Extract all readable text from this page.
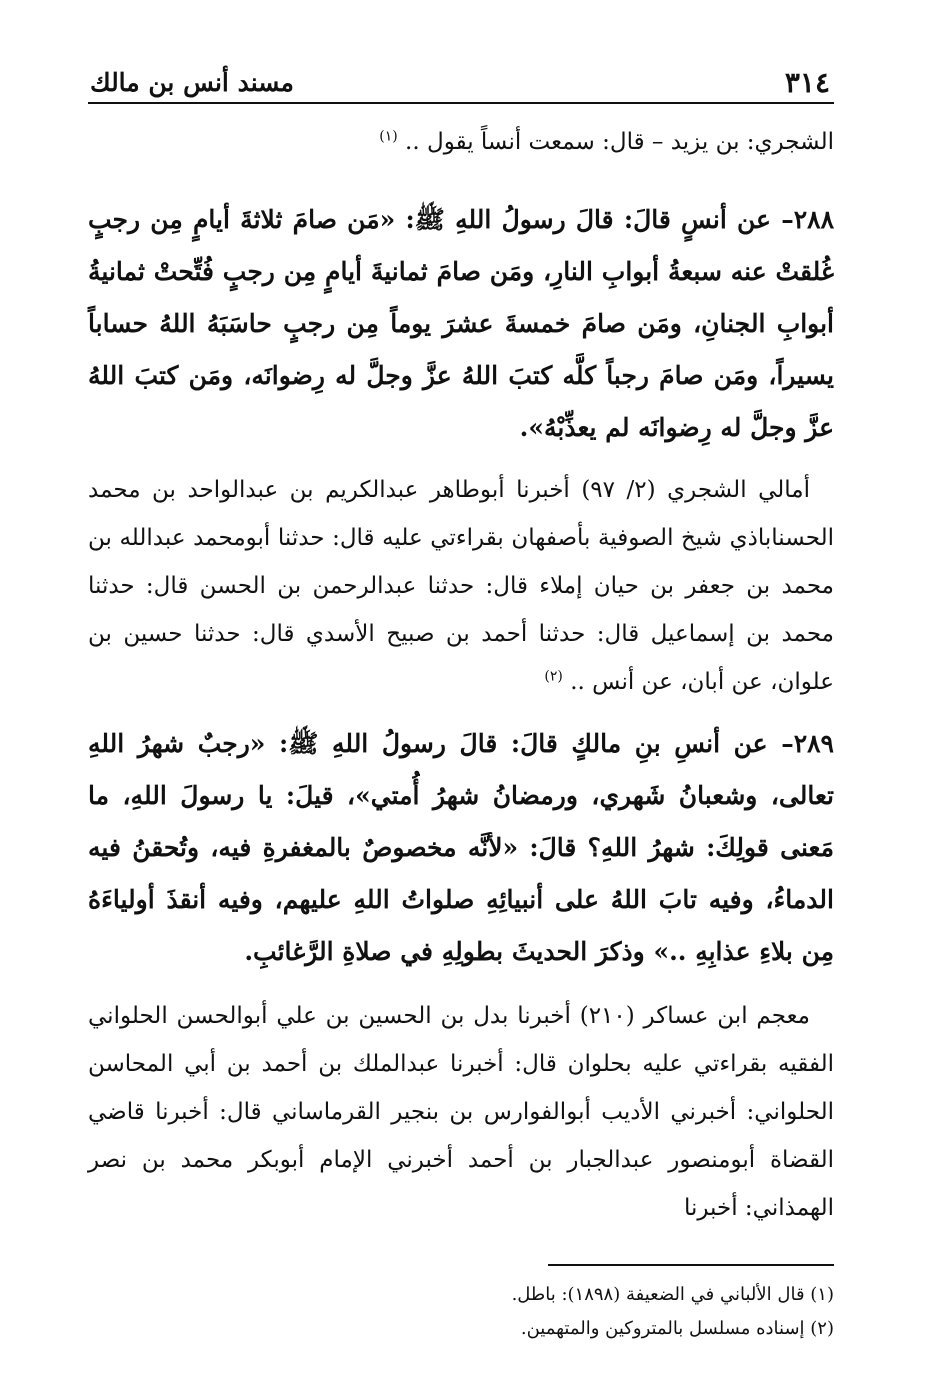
٣١٤
مسند أنس بن مالك

الشجري: بن يزيد – قال: سمعت أنساً يقول .. $^{(١)}$

٢٨٨– عن أنسٍ قالَ: قالَ رسولُ اللهِ ﷺ: «مَن صامَ ثلاثةَ أيامٍ مِن رجبٍ غُلقتْ عنه سبعةُ أبوابِ النارِ، ومَن صامَ ثمانيةَ أيامٍ مِن رجبٍ فُتِّحتْ ثمانيةُ أبوابِ الجنانِ، ومَن صامَ خمسةَ عشرَ يوماً مِن رجبٍ حاسَبَهُ اللهُ حساباً يسيراً، ومَن صامَ رجباً كلَّه كتبَ اللهُ عزَّ وجلَّ له رِضوانَه، ومَن كتبَ اللهُ عزَّ وجلَّ له رِضوانَه لم يعذِّبْهُ».

أمالي الشجري (٢/ ٩٧) أخبرنا أبوطاهر عبدالكريم بن عبدالواحد بن محمد الحسناباذي شيخ الصوفية بأصفهان بقراءتي عليه قال: حدثنا أبومحمد عبدالله بن محمد بن جعفر بن حيان إملاء قال: حدثنا عبدالرحمن بن الحسن قال: حدثنا محمد بن إسماعيل قال: حدثنا أحمد بن صبيح الأسدي قال: حدثنا حسين بن علوان، عن أبان، عن أنس .. $^{(٢)}$

٢٨٩– عن أنسِ بنِ مالكٍ قالَ: قالَ رسولُ اللهِ ﷺ: «رجبٌ شهرُ اللهِ تعالى، وشعبانُ شَهري، ورمضانُ شهرُ أُمتي»، قيلَ: يا رسولَ اللهِ، ما مَعنى قولِكَ: شهرُ اللهِ؟ قالَ: «لأنَّه مخصوصٌ بالمغفرةِ فيه، وتُحقنُ فيه الدماءُ، وفيه تابَ اللهُ على أنبيائِهِ صلواتُ اللهِ عليهم، وفيه أنقذَ أولياءَهُ مِن بلاءِ عذابِهِ ..» وذكرَ الحديثَ بطولِهِ في صلاةِ الرَّغائبِ.

معجم ابن عساكر (٢١٠) أخبرنا بدل بن الحسين بن علي أبوالحسن الحلواني الفقيه بقراءتي عليه بحلوان قال: أخبرنا عبدالملك بن أحمد بن أبي المحاسن الحلواني: أخبرني الأديب أبوالفوارس بن بنجير القرماساني قال: أخبرنا قاضي القضاة أبومنصور عبدالجبار بن أحمد أخبرني الإمام أبوبكر محمد بن نصر الهمذاني: أخبرنا

(١) قال الألباني في الضعيفة (١٨٩٨): باطل.

(٢) إسناده مسلسل بالمتروكين والمتهمين.
